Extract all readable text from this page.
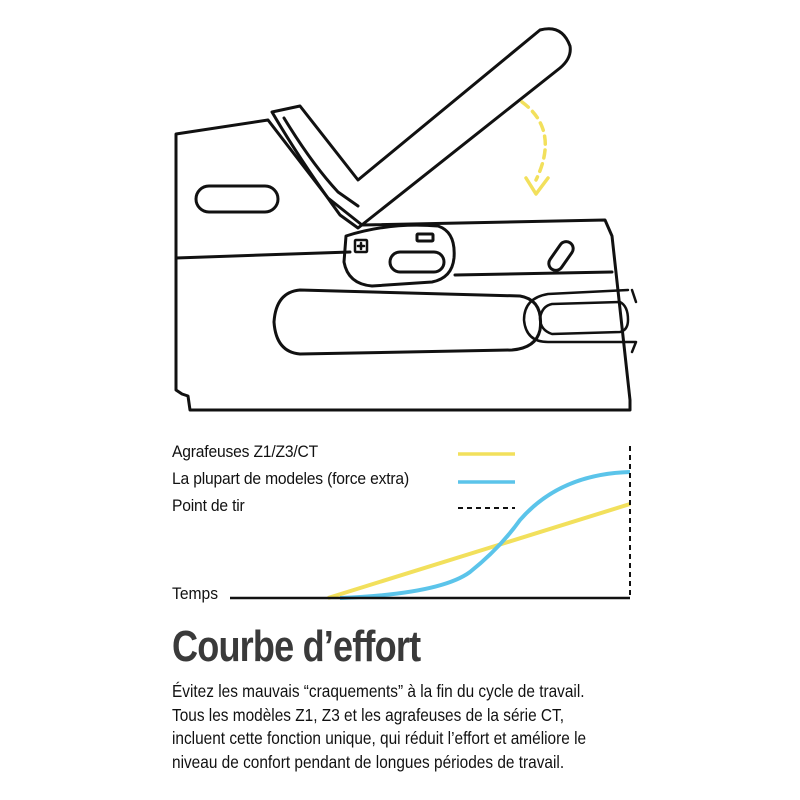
Agrafeuses Z1/Z3/CT
La plupart de modeles (force extra)
Point de tir
Temps
Courbe d’effort
Évitez les mauvais “craquements” à la fin du cycle de travail.
Tous les modèles Z1, Z3 et les agrafeuses de la série CT,
incluent cette fonction unique, qui réduit l’effort et améliore le
niveau de confort pendant de longues périodes de travail.
